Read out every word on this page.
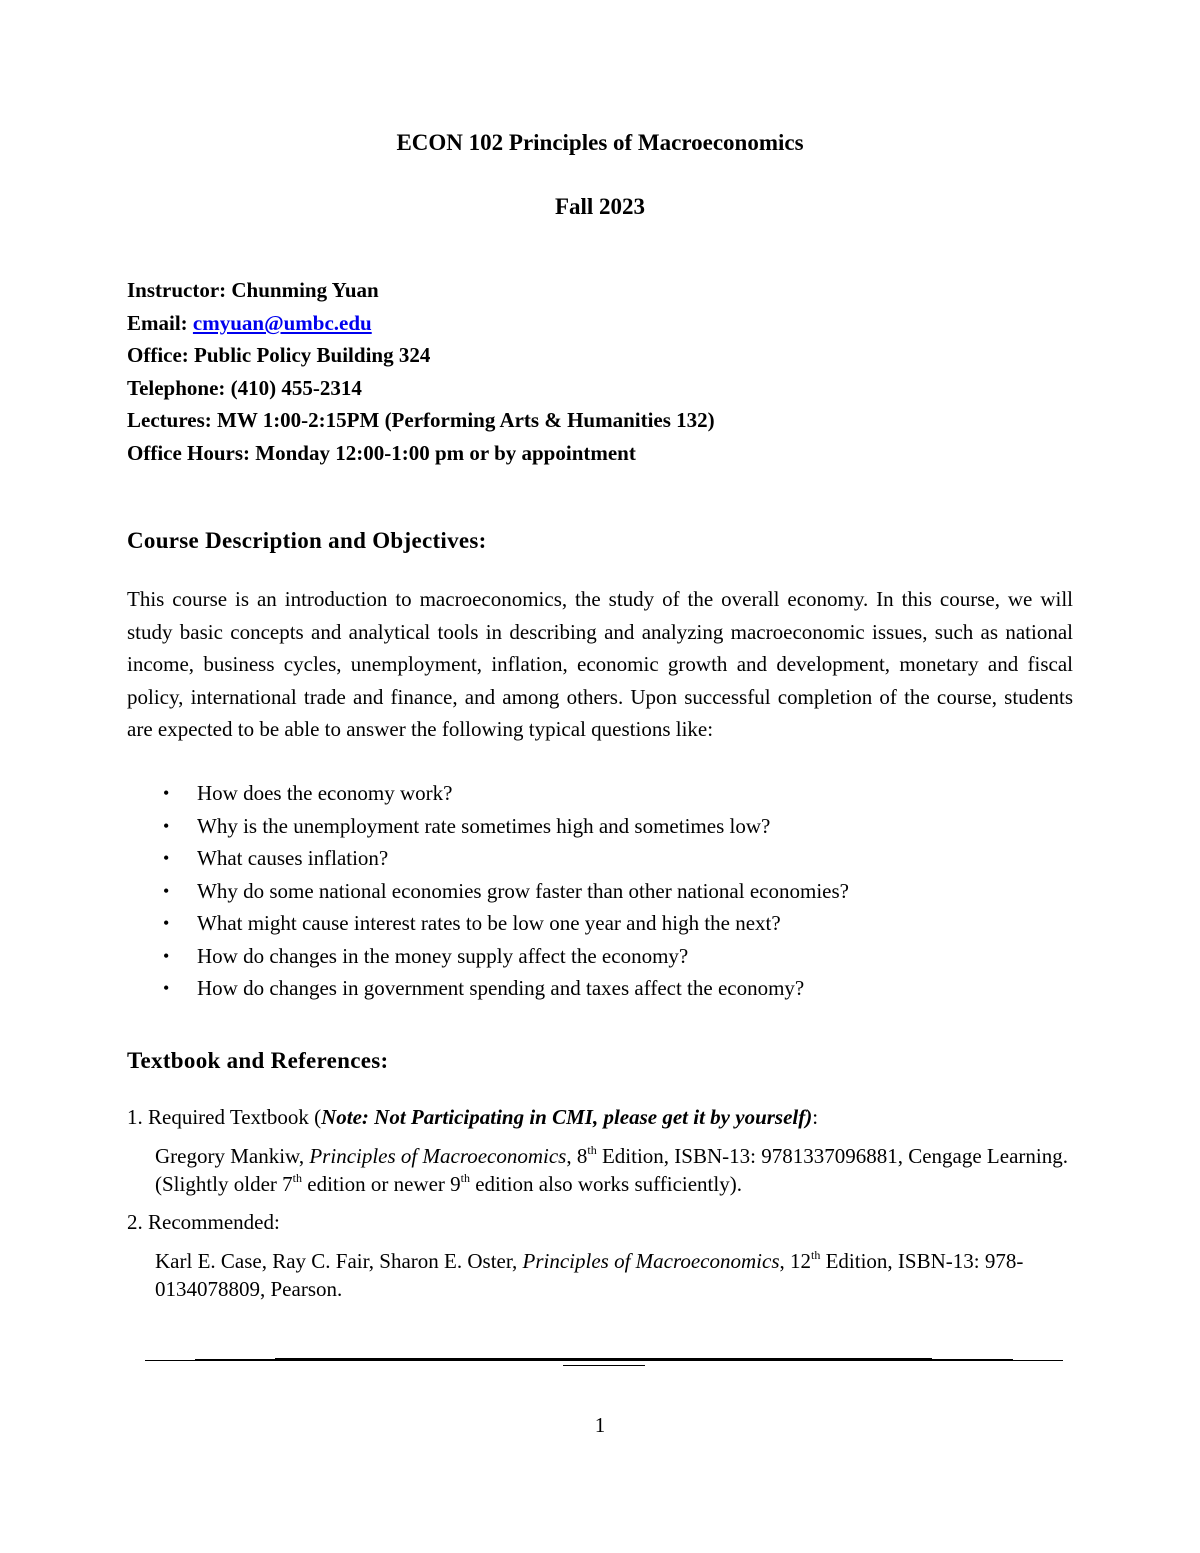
ECON 102 Principles of Macroeconomics
Fall 2023
Instructor: Chunming Yuan
Email: cmyuan@umbc.edu
Office: Public Policy Building 324
Telephone: (410) 455-2314
Lectures: MW 1:00-2:15PM (Performing Arts & Humanities 132)
Office Hours: Monday 12:00-1:00 pm or by appointment
Course Description and Objectives:
This course is an introduction to macroeconomics, the study of the overall economy. In this course, we will study basic concepts and analytical tools in describing and analyzing macroeconomic issues, such as national income, business cycles, unemployment, inflation, economic growth and development, monetary and fiscal policy, international trade and finance, and among others. Upon successful completion of the course, students are expected to be able to answer the following typical questions like:
• How does the economy work?
• Why is the unemployment rate sometimes high and sometimes low?
• What causes inflation?
• Why do some national economies grow faster than other national economies?
• What might cause interest rates to be low one year and high the next?
• How do changes in the money supply affect the economy?
• How do changes in government spending and taxes affect the economy?
Textbook and References:
1. Required Textbook (Note: Not Participating in CMI, please get it by yourself):
Gregory Mankiw, Principles of Macroeconomics, 8th Edition, ISBN-13: 9781337096881, Cengage Learning. (Slightly older 7th edition or newer 9th edition also works sufficiently).
2. Recommended:
Karl E. Case, Ray C. Fair, Sharon E. Oster, Principles of Macroeconomics, 12th Edition, ISBN-13: 978-0134078809, Pearson.
1
